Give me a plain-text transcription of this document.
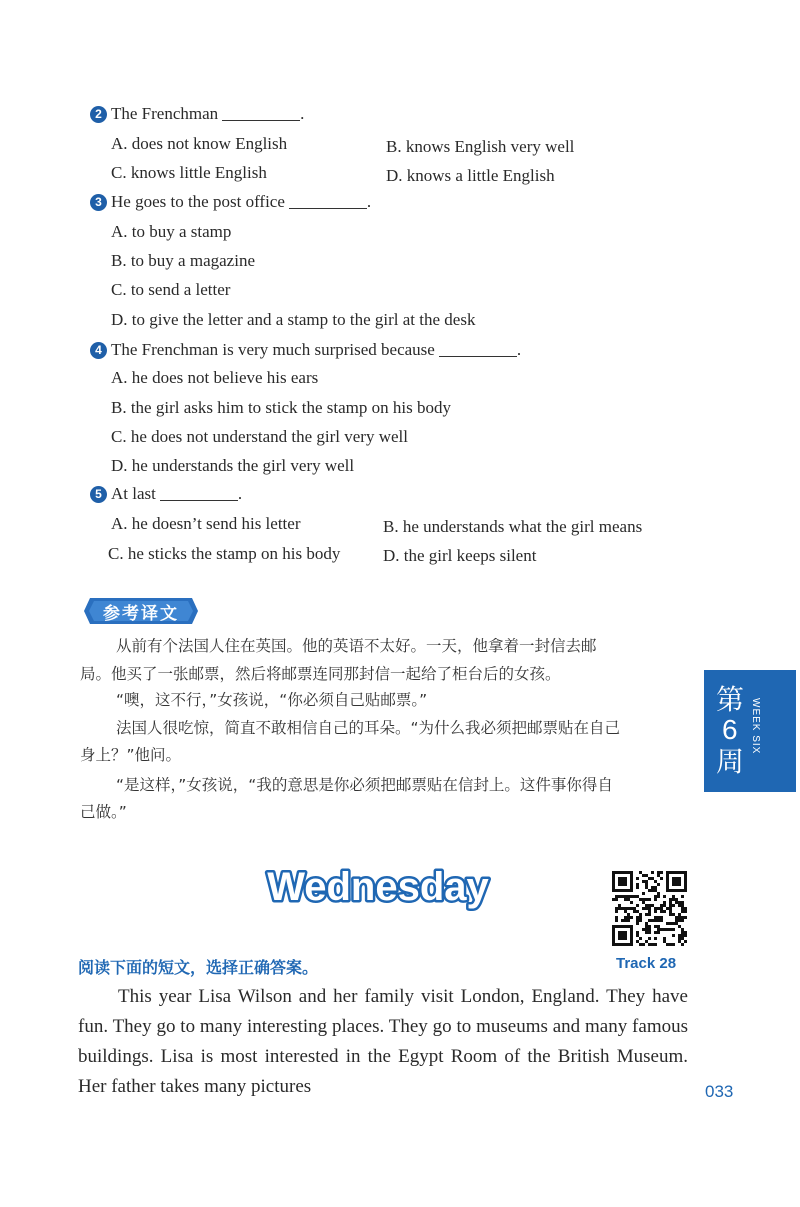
2 The Frenchman	.
A. does not know English	B. knows English very well
C. knows little English	D. knows a little English
3 He goes to the post office	.
A. to buy a stamp
B. to buy a magazine
C. to send a letter
D. to give the letter and a stamp to the girl at the desk
4 The Frenchman is very much surprised because	.
A. he does not believe his ears
B. the girl asks him to stick the stamp on his body
C. he does not understand the girl very well
D. he understands the girl very well
5 At last	.
A. he doesn’t send his letter	B. he understands what the girl means
C. he sticks the stamp on his body	D. the girl keeps silent
参考译文
从前有个法国人住在英国。他的英语不太好。一天，他拿着一封信去邮
局。他买了一张邮票，然后将邮票连同那封信一起给了柜台后的女孩。
“噢，这不行，”女孩说，“你必须自己贴邮票。”
法国人很吃惊，简直不敢相信自己的耳朵。“为什么我必须把邮票贴在自己
身上？”他问。
“是这样，”女孩说，“我的意思是你必须把邮票贴在信封上。这件事你得自
己做。”
第
6
周
WEEK SIX
Wednesday
Track 28
阅读下面的短文，选择正确答案。
This year Lisa Wilson and her family visit London, England. They have fun. They go to many interesting places. They go to museums and many famous buildings. Lisa is most interested in the Egypt Room of the British Museum. Her father takes many pictures	033
